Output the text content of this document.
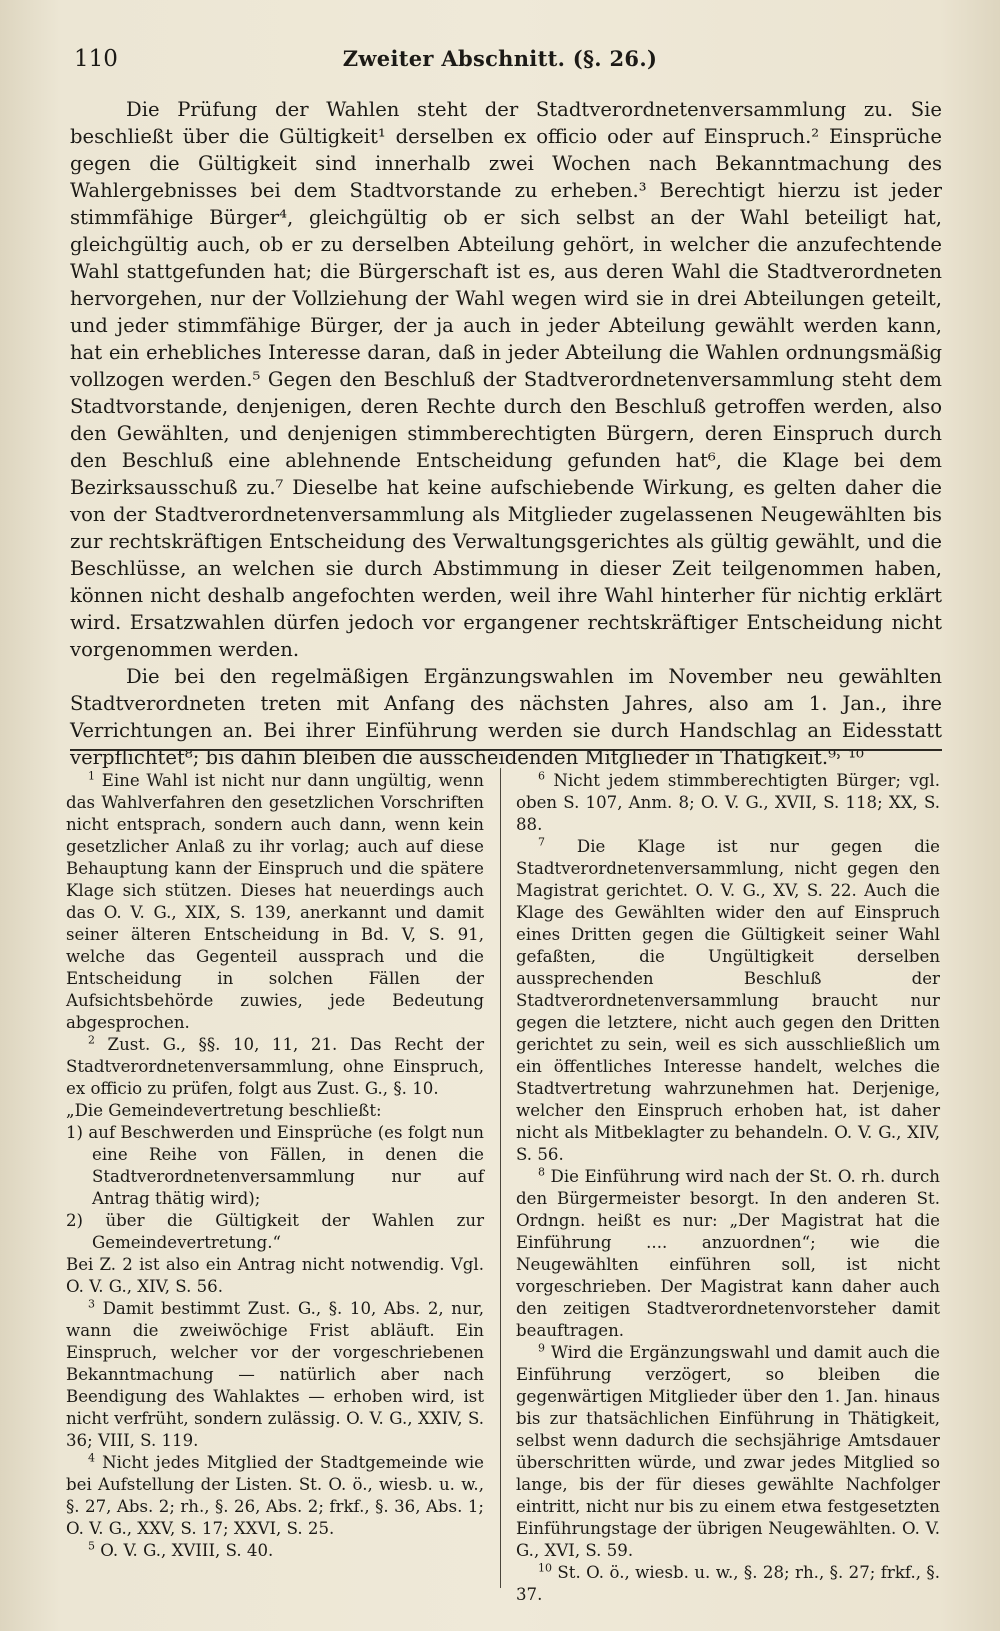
110	Zweiter Abschnitt. (§. 26.)

Die Prüfung der Wahlen steht der Stadtverordnetenversammlung zu. Sie beschließt über die Gültigkeit¹ derselben ex officio oder auf Einspruch.² Einsprüche gegen die Gültigkeit sind innerhalb zwei Wochen nach Bekanntmachung des Wahlergebnisses bei dem Stadtvorstande zu erheben.³ Berechtigt hierzu ist jeder stimmfähige Bürger⁴, gleichgültig ob er sich selbst an der Wahl beteiligt hat, gleichgültig auch, ob er zu derselben Abteilung gehört, in welcher die anzufechtende Wahl stattgefunden hat; die Bürgerschaft ist es, aus deren Wahl die Stadtverordneten hervorgehen, nur der Vollziehung der Wahl wegen wird sie in drei Abteilungen geteilt, und jeder stimmfähige Bürger, der ja auch in jeder Abteilung gewählt werden kann, hat ein erhebliches Interesse daran, daß in jeder Abteilung die Wahlen ordnungsmäßig vollzogen werden.⁵ Gegen den Beschluß der Stadtverordnetenversammlung steht dem Stadtvorstande, denjenigen, deren Rechte durch den Beschluß getroffen werden, also den Gewählten, und denjenigen stimmberechtigten Bürgern, deren Einspruch durch den Beschluß eine ablehnende Entscheidung gefunden hat⁶, die Klage bei dem Bezirksausschuß zu.⁷ Dieselbe hat keine aufschiebende Wirkung, es gelten daher die von der Stadtverordnetenversammlung als Mitglieder zugelassenen Neugewählten bis zur rechtskräftigen Entscheidung des Verwaltungsgerichtes als gültig gewählt, und die Beschlüsse, an welchen sie durch Abstimmung in dieser Zeit teilgenommen haben, können nicht deshalb angefochten werden, weil ihre Wahl hinterher für nichtig erklärt wird. Ersatzwahlen dürfen jedoch vor ergangener rechtskräftiger Entscheidung nicht vorgenommen werden.

Die bei den regelmäßigen Ergänzungswahlen im November neu gewählten Stadtverordneten treten mit Anfang des nächsten Jahres, also am 1. Jan., ihre Verrichtungen an. Bei ihrer Einführung werden sie durch Handschlag an Eidesstatt verpflichtet⁸; bis dahin bleiben die ausscheidenden Mitglieder in Thätigkeit.⁹˒ ¹⁰

$^1$ Eine Wahl ist nicht nur dann ungültig, wenn das Wahlverfahren den gesetzlichen Vorschriften nicht entsprach, sondern auch dann, wenn kein gesetzlicher Anlaß zu ihr vorlag; auch auf diese Behauptung kann der Einspruch und die spätere Klage sich stützen. Dieses hat neuerdings auch das O. V. G., XIX, S. 139, anerkannt und damit seiner älteren Entscheidung in Bd. V, S. 91, welche das Gegenteil aussprach und die Entscheidung in solchen Fällen der Aufsichtsbehörde zuwies, jede Bedeutung abgesprochen.

$^2$ Zust. G., §§. 10, 11, 21. Das Recht der Stadtverordnetenversammlung, ohne Einspruch, ex officio zu prüfen, folgt aus Zust. G., §. 10.

„Die Gemeindevertretung beschließt:

1) auf Beschwerden und Einsprüche (es folgt nun eine Reihe von Fällen, in denen die Stadtverordnetenversammlung nur auf Antrag thätig wird);

2) über die Gültigkeit der Wahlen zur Gemeindevertretung.“

Bei Z. 2 ist also ein Antrag nicht notwendig. Vgl. O. V. G., XIV, S. 56.

$^3$ Damit bestimmt Zust. G., §. 10, Abs. 2, nur, wann die zweiwöchige Frist abläuft. Ein Einspruch, welcher vor der vorgeschriebenen Bekanntmachung — natürlich aber nach Beendigung des Wahlaktes — erhoben wird, ist nicht verfrüht, sondern zulässig. O. V. G., XXIV, S. 36; VIII, S. 119.

$^4$ Nicht jedes Mitglied der Stadtgemeinde wie bei Aufstellung der Listen. St. O. ö., wiesb. u. w., §. 27, Abs. 2; rh., §. 26, Abs. 2; frkf., §. 36, Abs. 1; O. V. G., XXV, S. 17; XXVI, S. 25.

$^5$ O. V. G., XVIII, S. 40.

$^6$ Nicht jedem stimmberechtigten Bürger; vgl. oben S. 107, Anm. 8; O. V. G., XVII, S. 118; XX, S. 88.

$^7$ Die Klage ist nur gegen die Stadtverordnetenversammlung, nicht gegen den Magistrat gerichtet. O. V. G., XV, S. 22. Auch die Klage des Gewählten wider den auf Einspruch eines Dritten gegen die Gültigkeit seiner Wahl gefaßten, die Ungültigkeit derselben aussprechenden Beschluß der Stadtverordnetenversammlung braucht nur gegen die letztere, nicht auch gegen den Dritten gerichtet zu sein, weil es sich ausschließlich um ein öffentliches Interesse handelt, welches die Stadtvertretung wahrzunehmen hat. Derjenige, welcher den Einspruch erhoben hat, ist daher nicht als Mitbeklagter zu behandeln. O. V. G., XIV, S. 56.

$^8$ Die Einführung wird nach der St. O. rh. durch den Bürgermeister besorgt. In den anderen St. Ordngn. heißt es nur: „Der Magistrat hat die Einführung .... anzuordnen“; wie die Neugewählten einführen soll, ist nicht vorgeschrieben. Der Magistrat kann daher auch den zeitigen Stadtverordnetenvorsteher damit beauftragen.

$^9$ Wird die Ergänzungswahl und damit auch die Einführung verzögert, so bleiben die gegenwärtigen Mitglieder über den 1. Jan. hinaus bis zur thatsächlichen Einführung in Thätigkeit, selbst wenn dadurch die sechsjährige Amtsdauer überschritten würde, und zwar jedes Mitglied so lange, bis der für dieses gewählte Nachfolger eintritt, nicht nur bis zu einem etwa festgesetzten Einführungstage der übrigen Neugewählten. O. V. G., XVI, S. 59.

$^{10}$ St. O. ö., wiesb. u. w., §. 28; rh., §. 27; frkf., §. 37.
